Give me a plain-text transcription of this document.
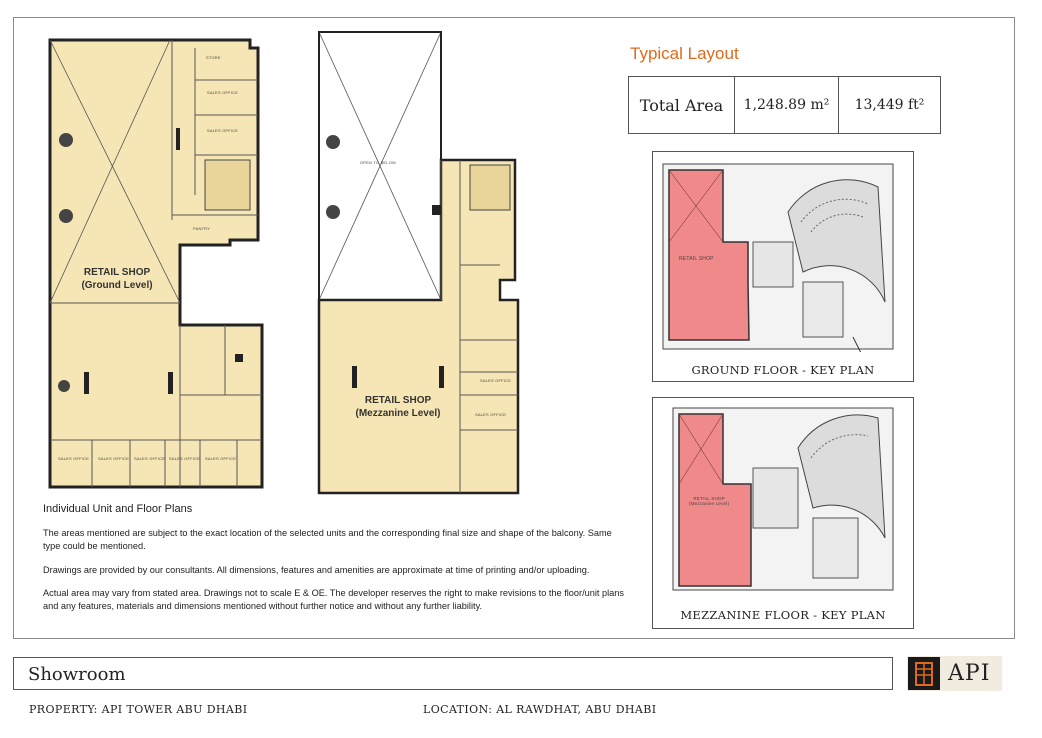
RETAIL SHOP
(Ground Level)
RETAIL SHOP
(Mezzanine Level)
STORE
SALES OFFICE
SALES OFFICE
PANTRY
SALES OFFICE SALES OFFICE SALES OFFICE SALES OFFICE SALES OFFICE
OPEN TO BELOW
SALES OFFICE
SALES OFFICE
Typical Layout
Total Area	1,248.89 m²	13,449 ft²
RETAIL SHOP
GROUND FLOOR - KEY PLAN
RETAIL SHOP
(Mezzanine Level)
MEZZANINE FLOOR - KEY PLAN
Individual Unit and Floor Plans

The areas mentioned are subject to the exact location of the selected units and the corresponding final size and shape of the balcony. Same type could be mentioned.

Drawings are provided by our consultants. All dimensions, features and amenities are approximate at time of printing and/or uploading.

Actual area may vary from stated area. Drawings not to scale E & OE. The developer reserves the right to make revisions to the floor/unit plans and any features, materials and dimensions mentioned without further notice and without any further liability.

Showroom	API
PROPERTY: API TOWER ABU DHABI	LOCATION: AL RAWDHAT, ABU DHABI
